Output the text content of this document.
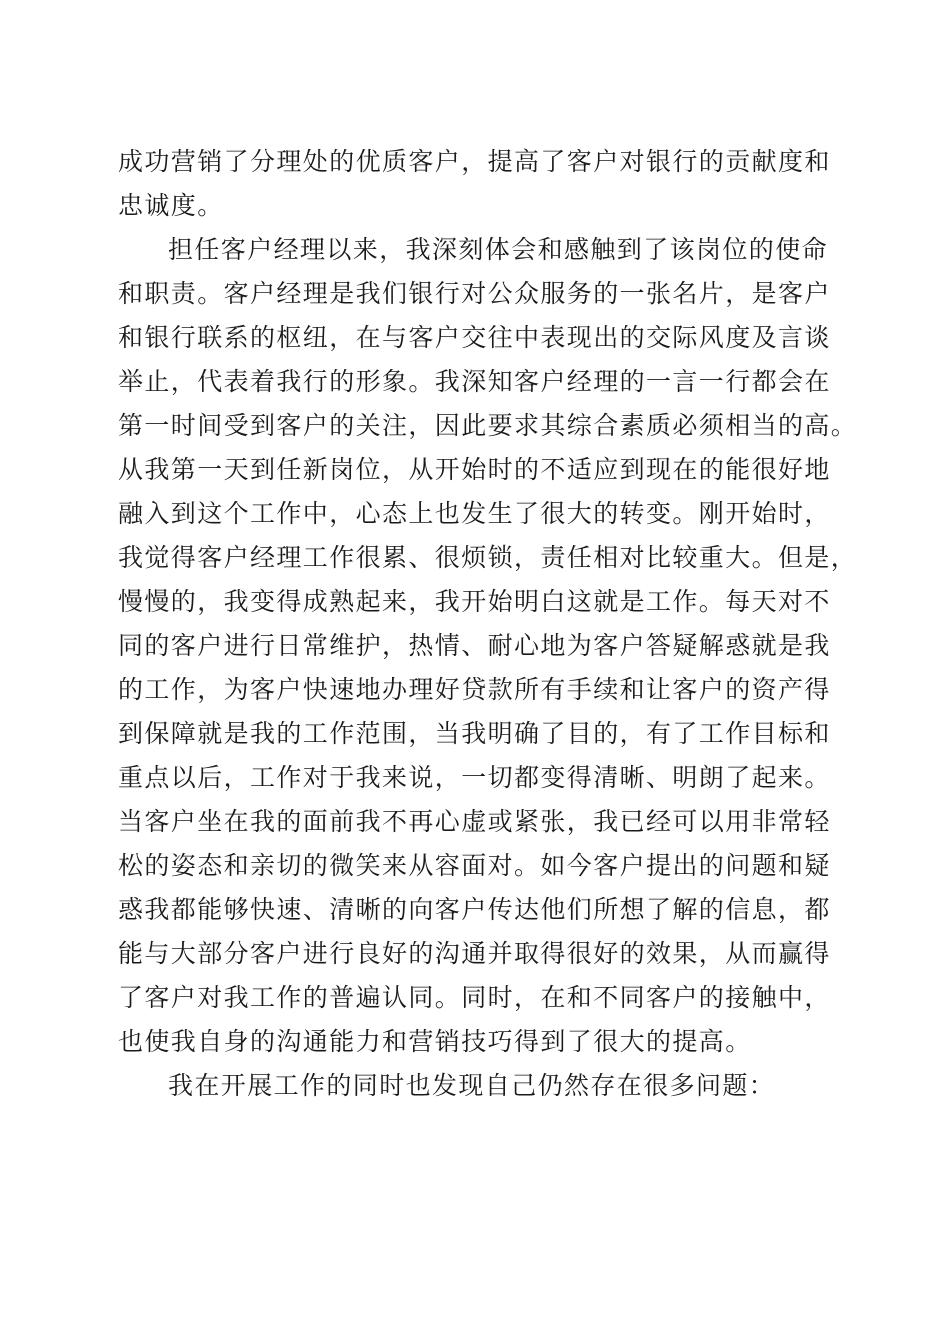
成功营销了分理处的优质客户，提高了客户对银行的贡献度和
忠诚度。
担任客户经理以来，我深刻体会和感触到了该岗位的使命
和职责。客户经理是我们银行对公众服务的一张名片，是客户
和银行联系的枢纽，在与客户交往中表现出的交际风度及言谈
举止，代表着我行的形象。我深知客户经理的一言一行都会在
第一时间受到客户的关注，因此要求其综合素质必须相当的高。
从我第一天到任新岗位，从开始时的不适应到现在的能很好地
融入到这个工作中，心态上也发生了很大的转变。刚开始时，
我觉得客户经理工作很累、很烦锁，责任相对比较重大。但是，
慢慢的，我变得成熟起来，我开始明白这就是工作。每天对不
同的客户进行日常维护，热情、耐心地为客户答疑解惑就是我
的工作，为客户快速地办理好贷款所有手续和让客户的资产得
到保障就是我的工作范围，当我明确了目的，有了工作目标和
重点以后，工作对于我来说，一切都变得清晰、明朗了起来。
当客户坐在我的面前我不再心虚或紧张，我已经可以用非常轻
松的姿态和亲切的微笑来从容面对。如今客户提出的问题和疑
惑我都能够快速、清晰的向客户传达他们所想了解的信息，都
能与大部分客户进行良好的沟通并取得很好的效果，从而赢得
了客户对我工作的普遍认同。同时，在和不同客户的接触中，
也使我自身的沟通能力和营销技巧得到了很大的提高。
我在开展工作的同时也发现自己仍然存在很多问题：
